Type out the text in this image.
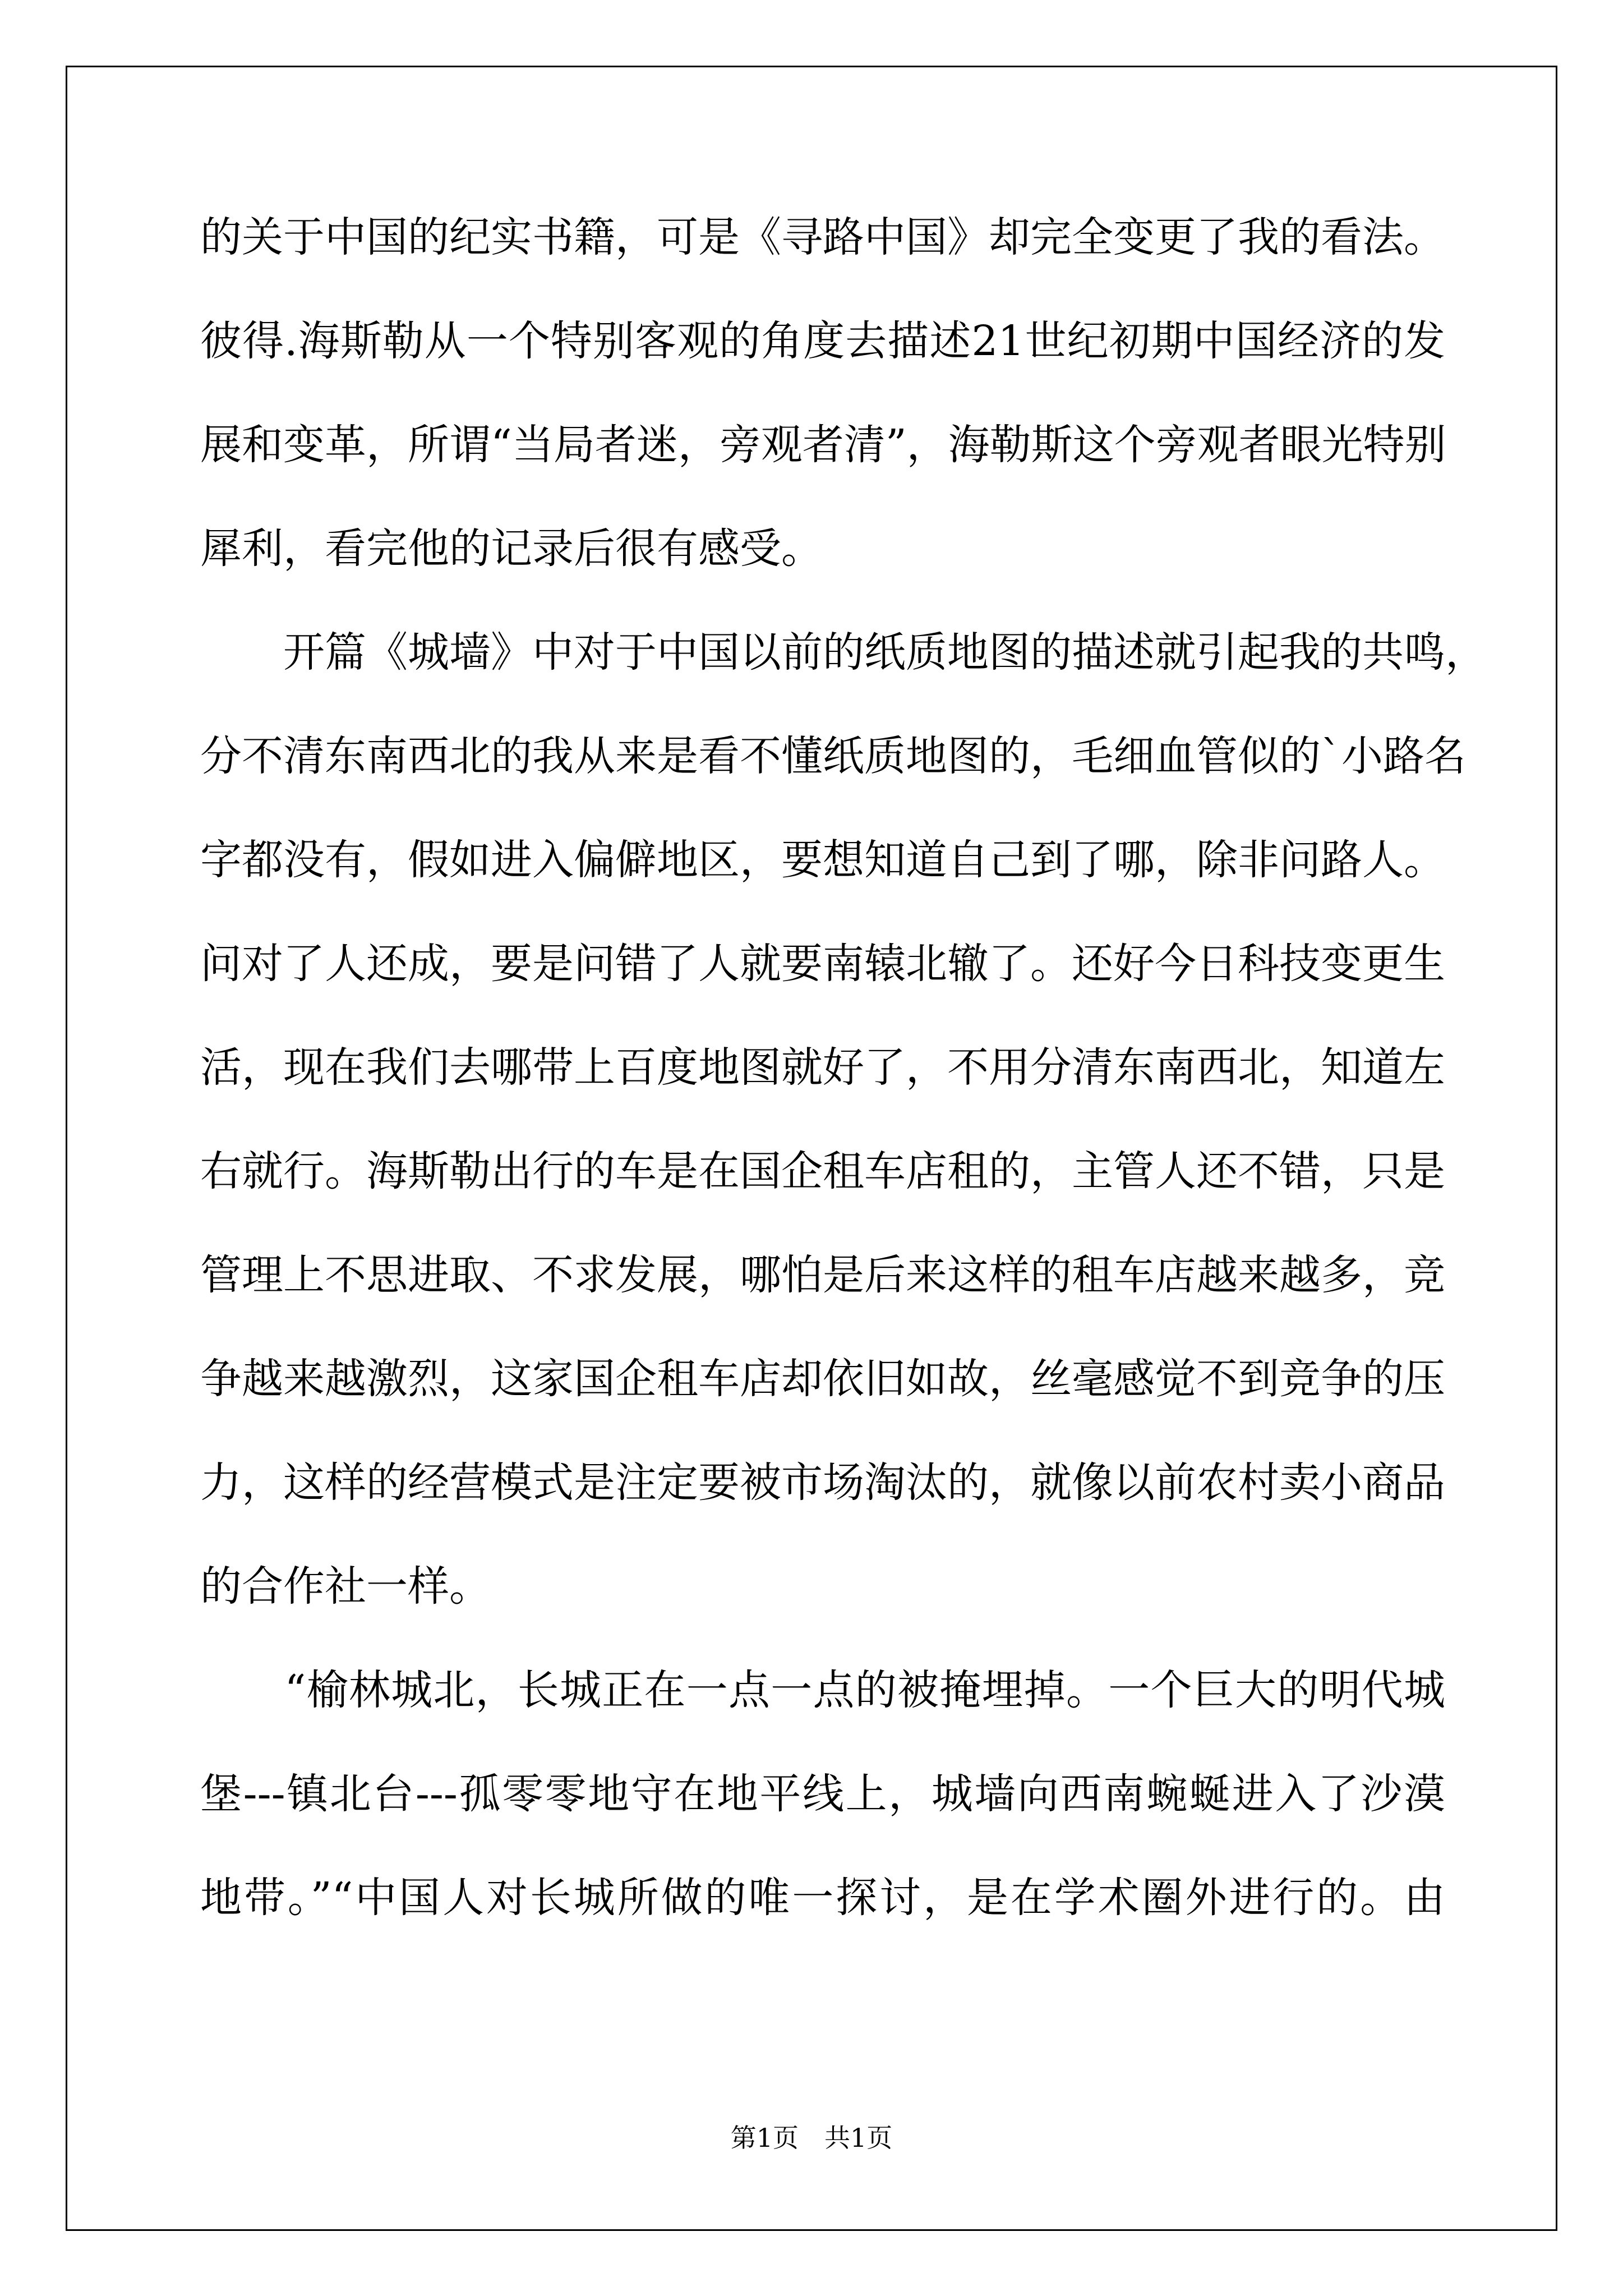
的关于中国的纪实书籍，可是《寻路中国》却完全变更了我的看法。
彼得.海斯勒从一个特别客观的角度去描述21世纪初期中国经济的发
展和变革，所谓“当局者迷，旁观者清”，海勒斯这个旁观者眼光特别
犀利，看完他的记录后很有感受。
　　开篇《城墙》中对于中国以前的纸质地图的描述就引起我的共鸣，
分不清东南西北的我从来是看不懂纸质地图的，毛细血管似的`小路名
字都没有，假如进入偏僻地区，要想知道自己到了哪，除非问路人。
问对了人还成，要是问错了人就要南辕北辙了。还好今日科技变更生
活，现在我们去哪带上百度地图就好了，不用分清东南西北，知道左
右就行。海斯勒出行的车是在国企租车店租的，主管人还不错，只是
管理上不思进取、不求发展，哪怕是后来这样的租车店越来越多，竞
争越来越激烈，这家国企租车店却依旧如故，丝毫感觉不到竞争的压
力，这样的经营模式是注定要被市场淘汰的，就像以前农村卖小商品
的合作社一样。
　　“榆林城北，长城正在一点一点的被掩埋掉。一个巨大的明代城
堡---镇北台---孤零零地守在地平线上，城墙向西南蜿蜒进入了沙漠
地带。”“中国人对长城所做的唯一探讨，是在学术圈外进行的。由
第1页　共1页
